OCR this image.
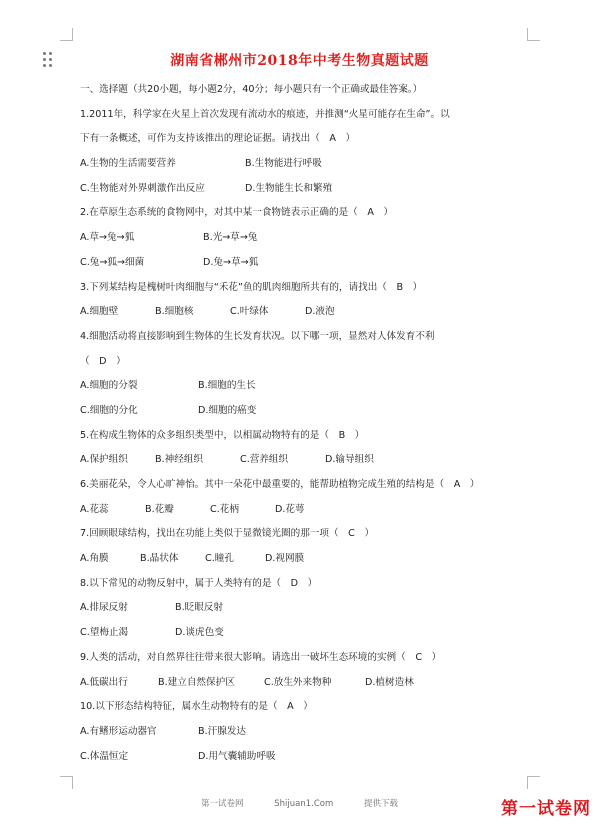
湖南省郴州市2018年中考生物真题试题
一、选择题（共20小题，每小题2分，40分；每小题只有一个正确或最佳答案。）
1.2011年，科学家在火星上首次发现有流动水的痕迹，并推测“火星可能存在生命”。以
下有一条概述，可作为支持该推出的理论证据。请找出（　A　）
A.生物的生活需要营养	B.生物能进行呼吸
C.生物能对外界刺激作出反应	D.生物能生长和繁殖
2.在草原生态系统的食物网中，对其中某一食物链表示正确的是（　A　）
A.草→兔→狐	B.光→草→兔
C.兔→狐→细菌	D.兔→草→狐
3.下列某结构是槐树叶肉细胞与“禾花”鱼的肌肉细胞所共有的，请找出（　B　）
A.细胞壁	B.细胞核	C.叶绿体	D.液泡
4.细胞活动将直接影响到生物体的生长发育状况。以下哪一项，显然对人体发育不利
（　D　）
A.细胞的分裂	B.细胞的生长
C.细胞的分化	D.细胞的癌变
5.在构成生物体的众多组织类型中，以相属动物特有的是（　B　）
A.保护组织	B.神经组织	C.营养组织	D.输导组织
6.美丽花朵，令人心旷神怡。其中一朵花中最重要的，能帮助植物完成生殖的结构是（　A　）
A.花蕊	B.花瓣	C.花柄	D.花萼
7.回顾眼球结构，找出在功能上类似于显微镜光圈的那一项（　C　）
A.角膜	B.晶状体	C.瞳孔	D.视网膜
8.以下常见的动物反射中，属于人类特有的是（　D　）
A.排尿反射	B.眨眼反射
C.望梅止渴	D.谈虎色变
9.人类的活动，对自然界往往带来很大影响。请选出一破坏生态环境的实例（　C　）
A.低碳出行	B.建立自然保护区	C.放生外来物种	D.植树造林
10.以下形态结构特征，属水生动物特有的是（　A　）
A.有鳍形运动器官	B.汗腺发达
C.体温恒定	D.用气囊辅助呼吸
第一试卷网	Shijuan1.Com	提供下载	第一试卷网
